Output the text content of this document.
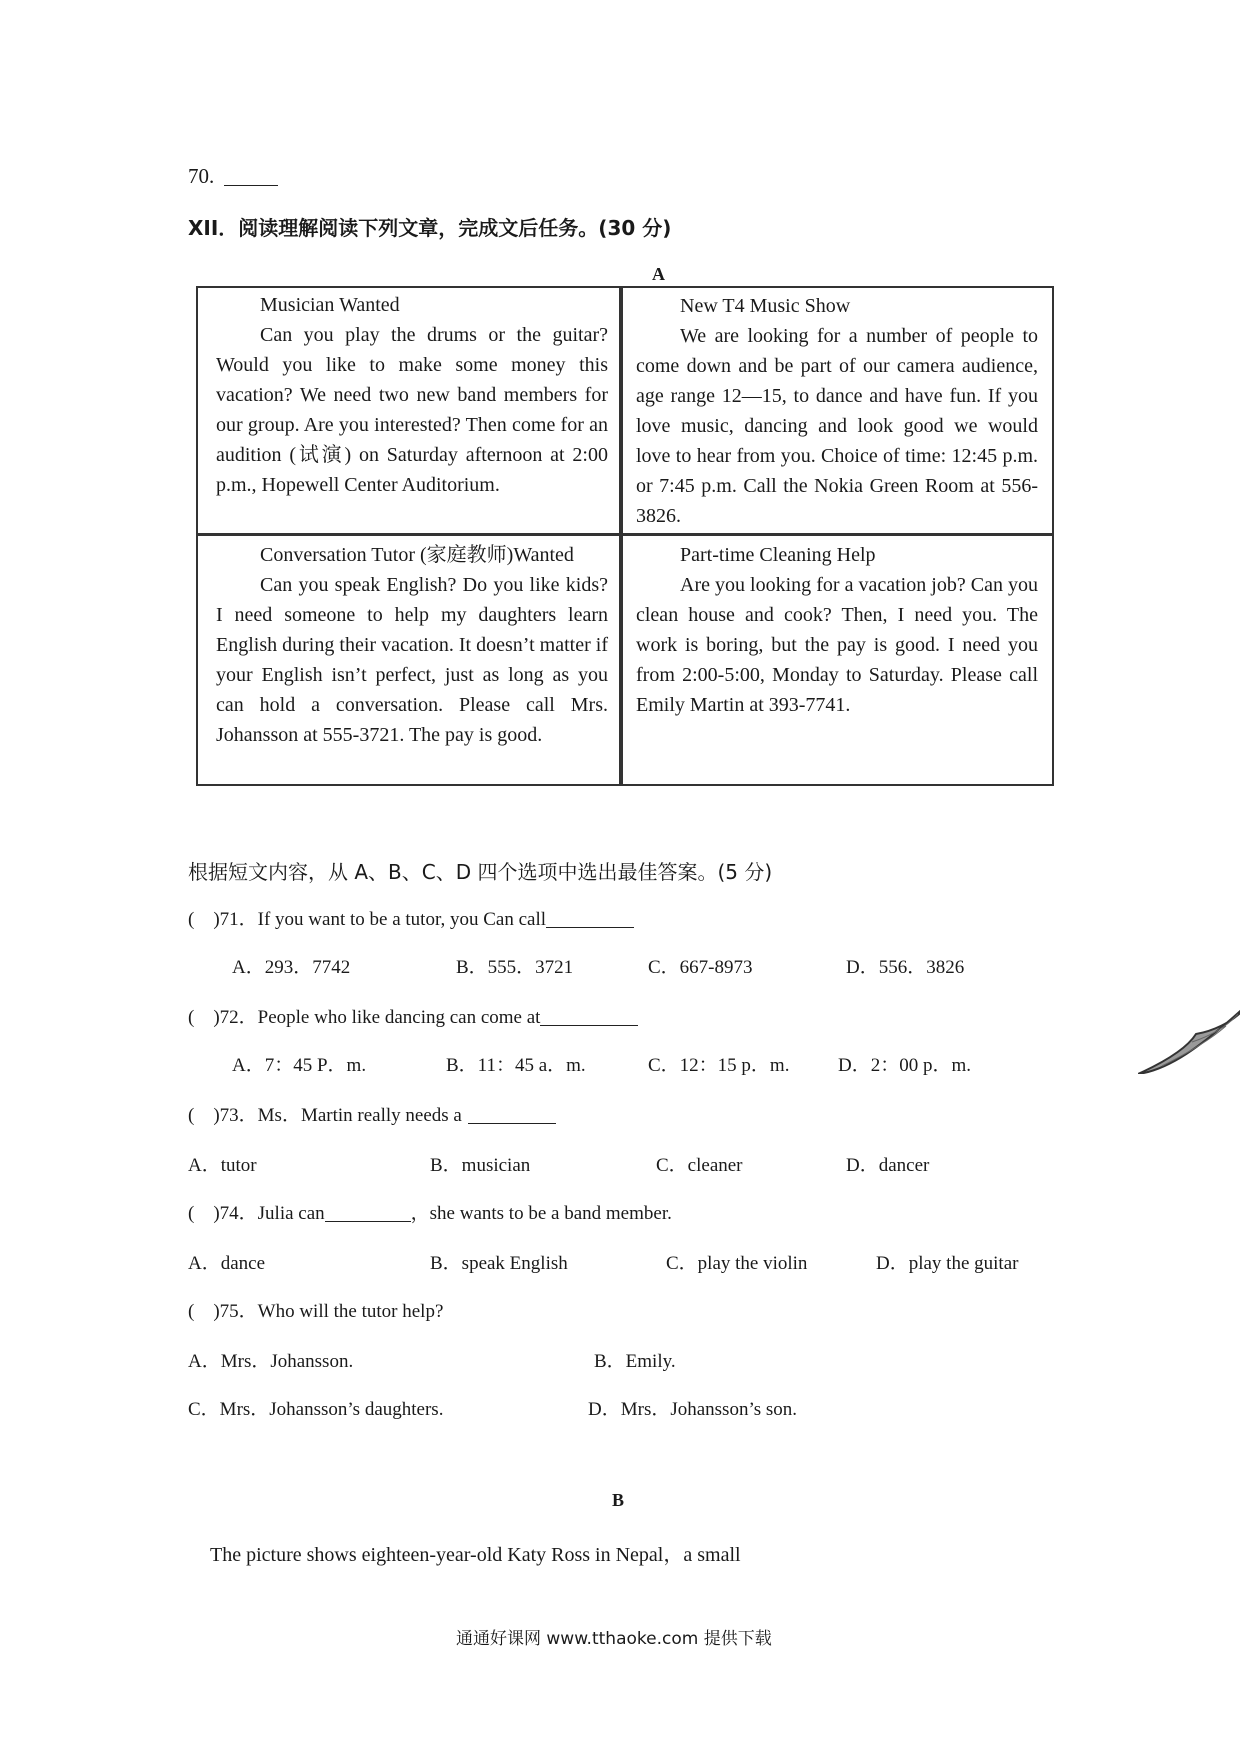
70.
XII．阅读理解阅读下列文章，完成文后任务。(30 分)
A
Musician Wanted
Can you play the drums or the guitar? Would you like to make some money this vacation? We need two new band members for our group. Are you interested? Then come for an audition (试演) on Saturday afternoon at 2:00 p.m., Hopewell Center Auditorium.
New T4 Music Show
We are looking for a number of people to come down and be part of our camera audience, age range 12—15, to dance and have fun. If you love music, dancing and look good we would love to hear from you. Choice of time: 12:45 p.m. or 7:45 p.m. Call the Nokia Green Room at 556-3826.
Conversation Tutor (家庭教师)Wanted
Can you speak English? Do you like kids? I need someone to help my daughters learn English during their vacation. It doesn’t matter if your English isn’t perfect, just as long as you can hold a conversation. Please call Mrs. Johansson at 555-3721. The pay is good.
Part-time Cleaning Help
Are you looking for a vacation job? Can you clean house and cook? Then, I need you. The work is boring, but the pay is good. I need you from 2:00-5:00, Monday to Saturday. Please call Emily Martin at 393-7741.
根据短文内容，从 A、B、C、D 四个选项中选出最佳答案。(5 分)
(　)71．If you want to be a tutor, you Can call
A．293．7742	B．555．3721	C．667-8973	D．556．3826
(　)72．People who like dancing can come at
A．7：45 P．m.	B．11：45 a．m.	C．12：15 p．m.	D．2：00 p．m.
(　)73．Ms．Martin really needs a
A．tutor	B．musician	C．cleaner	D．dancer
(　)74．Julia can	，she wants to be a band member.
A．dance	B．speak English	C．play the violin	D．play the guitar
(　)75．Who will the tutor help?
A．Mrs．Johansson.	B．Emily.
C．Mrs．Johansson’s daughters.	D．Mrs．Johansson’s son.
B
The picture shows eighteen-year-old Katy Ross in Nepal，a small
通通好课网 www.tthaoke.com 提供下载
